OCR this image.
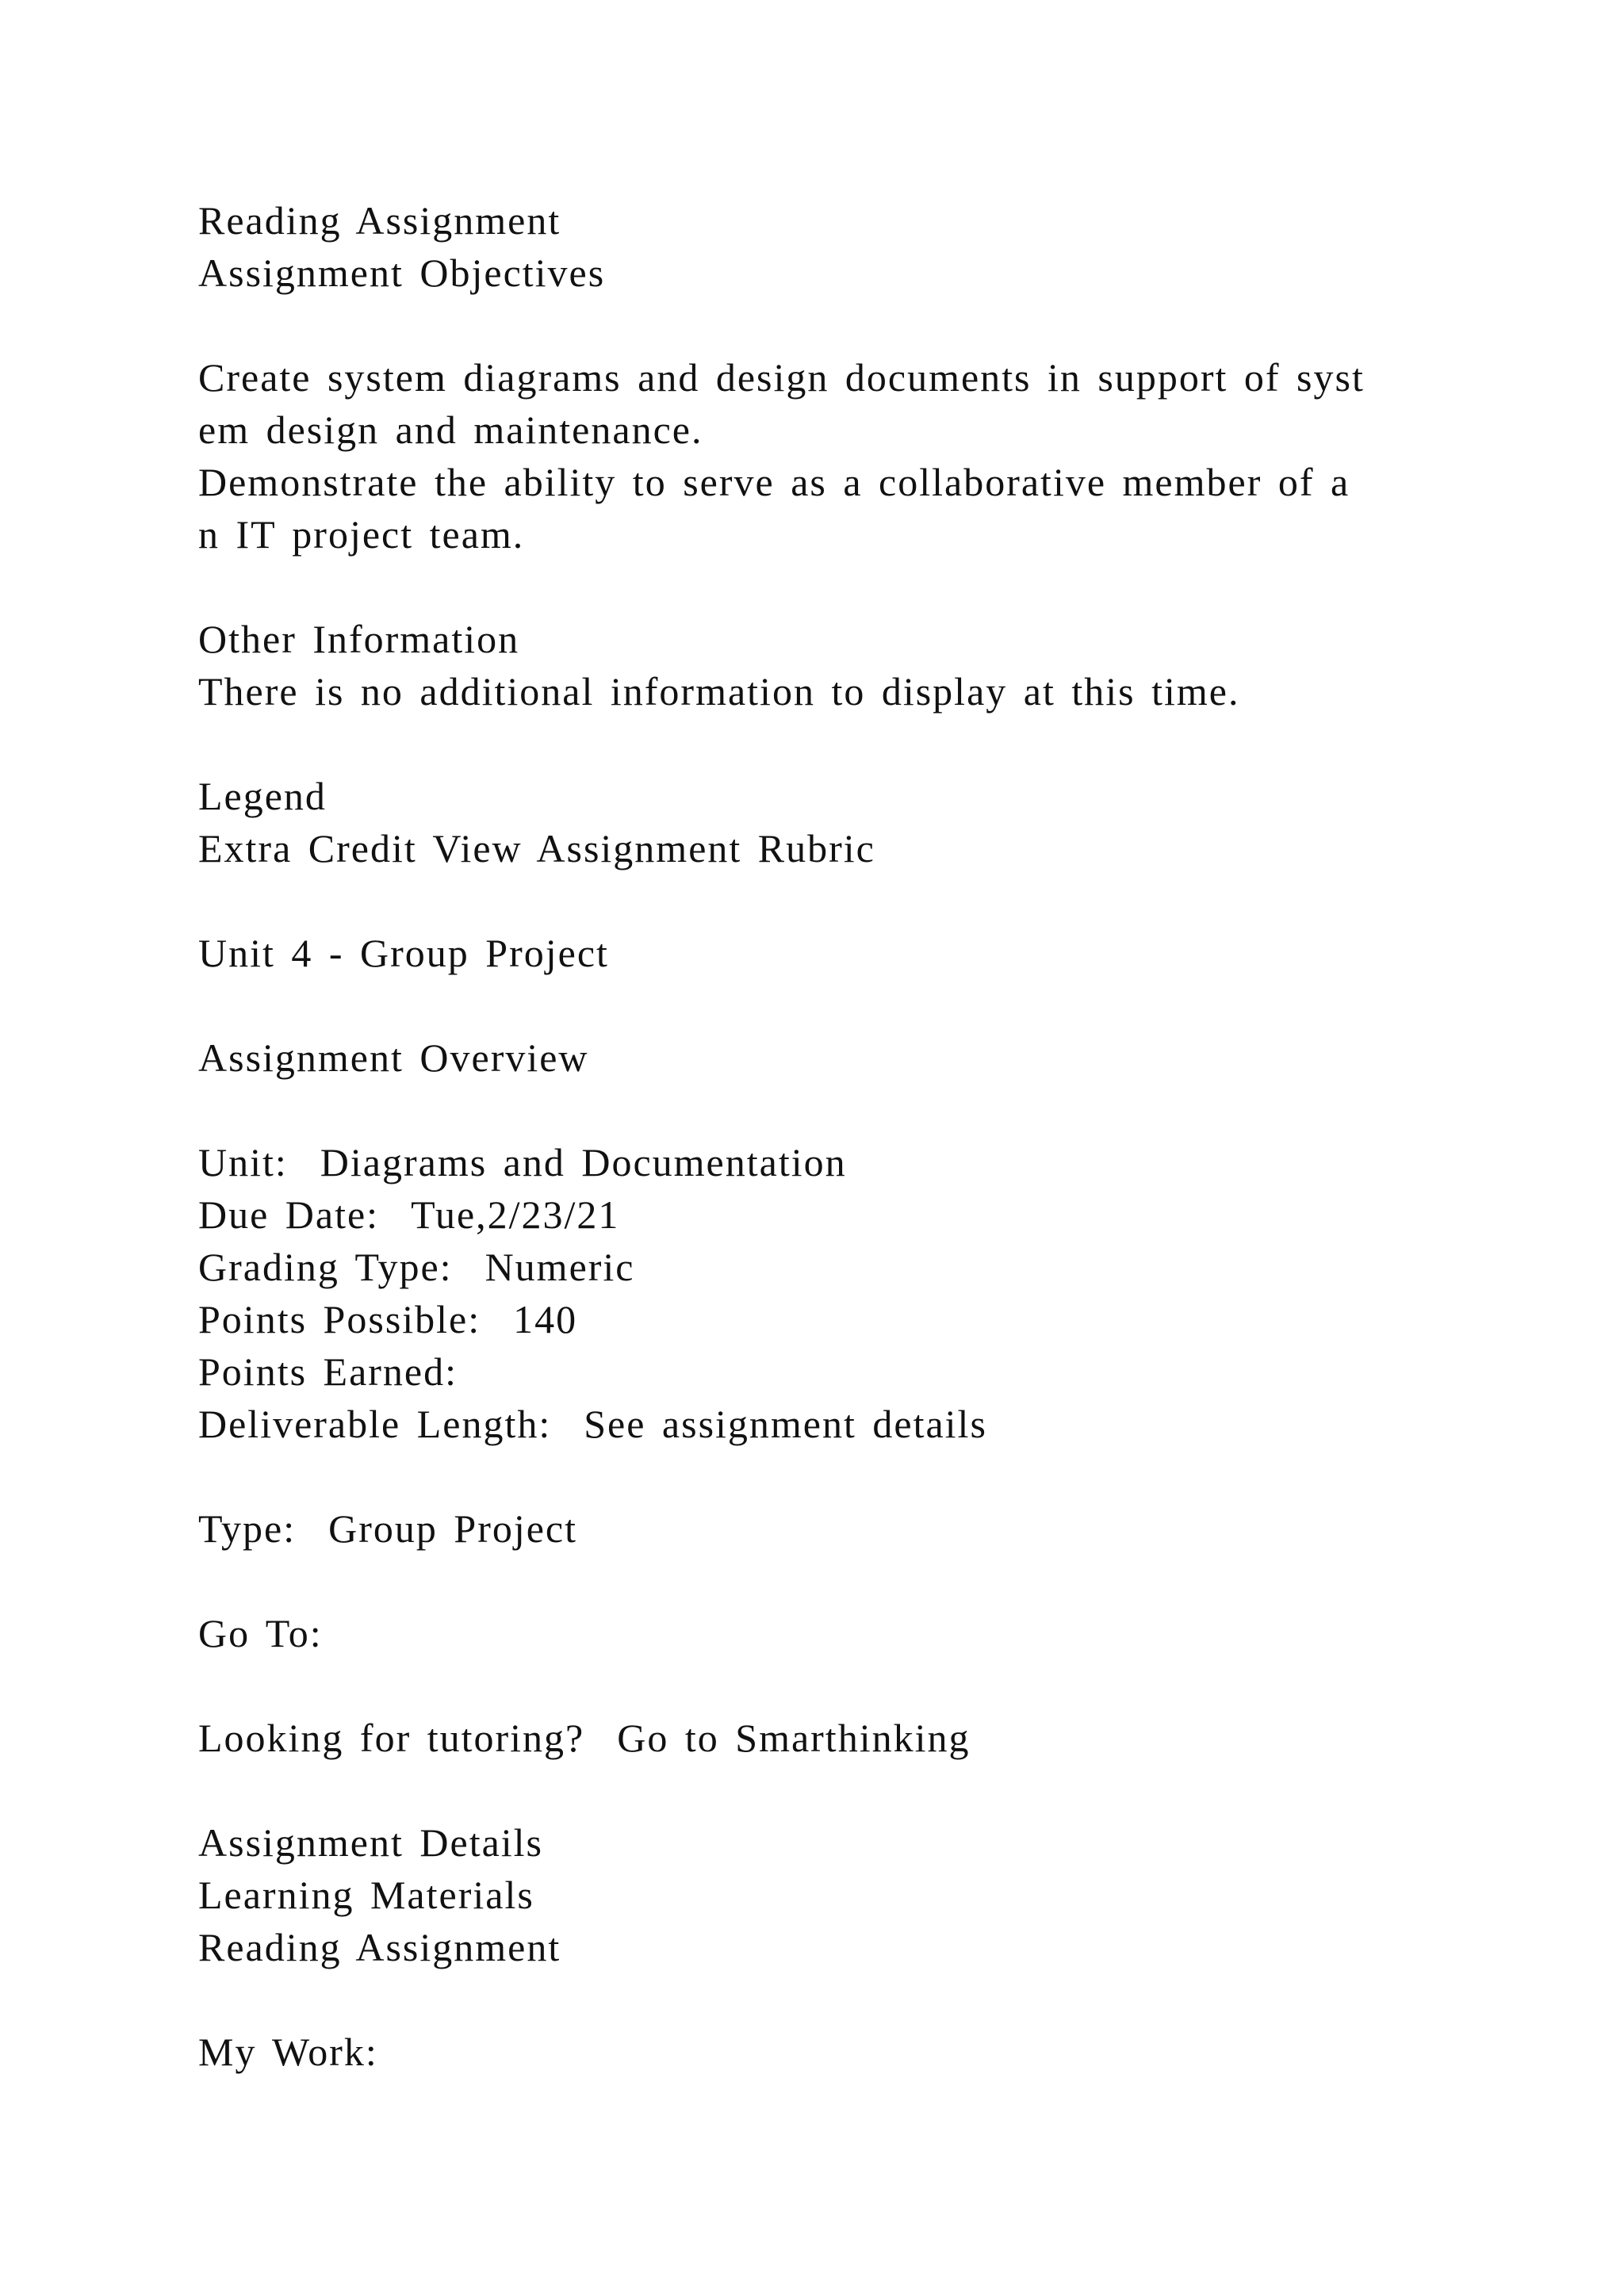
Reading Assignment
Assignment Objectives
Create system diagrams and design documents in support of syst
em design and maintenance.
Demonstrate the ability to serve as a collaborative member of a
n IT project team.
Other Information
There is no additional information to display at this time.
Legend
Extra Credit View Assignment Rubric
Unit 4 - Group Project
Assignment Overview
Unit:  Diagrams and Documentation
Due Date:  Tue,2/23/21
Grading Type:  Numeric
Points Possible:  140
Points Earned:
Deliverable Length:  See assignment details
Type:  Group Project
Go To:
Looking for tutoring? Go to Smarthinking
Assignment Details
Learning Materials
Reading Assignment
My Work:
